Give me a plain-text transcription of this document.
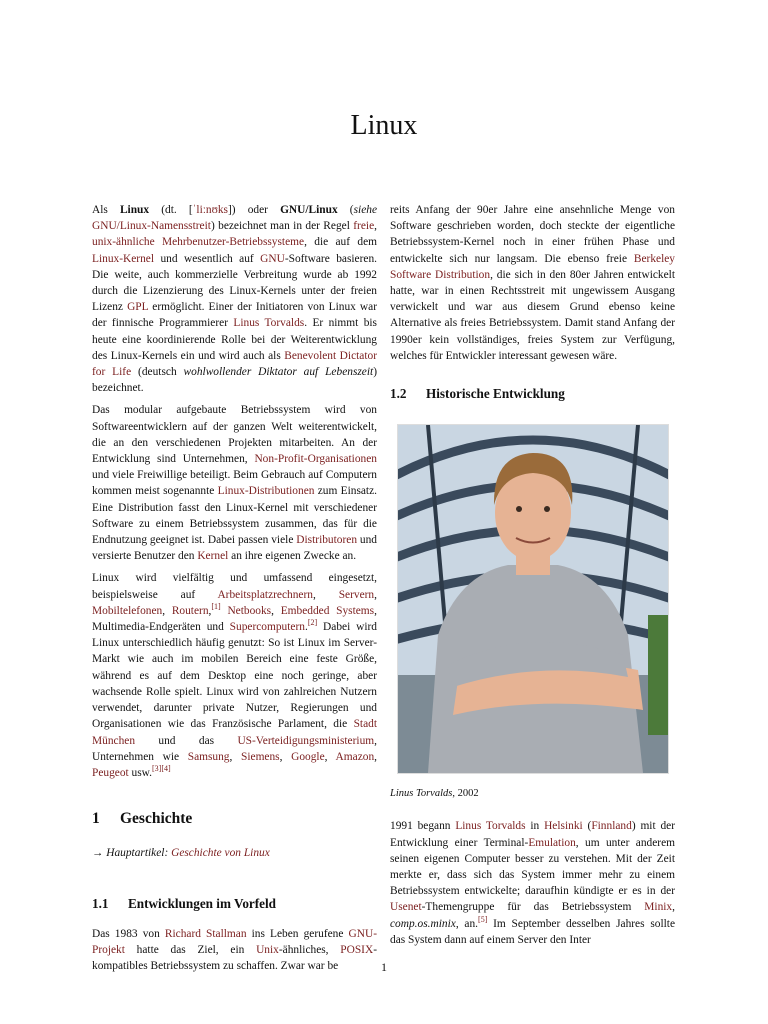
Linux

Als Linux (dt. [ˈliːnʊks]) oder GNU/Linux (siehe GNU/Linux-Namensstreit) bezeichnet man in der Regel freie, unix-ähnliche Mehrbenutzer-Betriebssysteme, die auf dem Linux-Kernel und wesentlich auf GNU-Software basieren. Die weite, auch kommerzielle Verbreitung wurde ab 1992 durch die Lizenzierung des Linux-Kernels unter der freien Lizenz GPL ermöglicht. Einer der Initiatoren von Linux war der finnische Programmierer Linus Torvalds. Er nimmt bis heute eine koordinierende Rolle bei der Weiterentwicklung des Linux-Kernels ein und wird auch als Benevolent Dictator for Life (deutsch wohlwollender Diktator auf Lebenszeit) bezeichnet.

Das modular aufgebaute Betriebssystem wird von Softwareentwicklern auf der ganzen Welt weiterentwickelt, die an den verschiedenen Projekten mitarbeiten. An der Entwicklung sind Unternehmen, Non-Profit-Organisationen und viele Freiwillige beteiligt. Beim Gebrauch auf Computern kommen meist sogenannte Linux-Distributionen zum Einsatz. Eine Distribution fasst den Linux-Kernel mit verschiedener Software zu einem Betriebssystem zusammen, das für die Endnutzung geeignet ist. Dabei passen viele Distributoren und versierte Benutzer den Kernel an ihre eigenen Zwecke an.

Linux wird vielfältig und umfassend eingesetzt, beispielsweise auf Arbeitsplatzrechnern, Servern, Mobiltelefonen, Routern,[1] Netbooks, Embedded Systems, Multimedia-Endgeräten und Supercomputern.[2] Dabei wird Linux unterschiedlich häufig genutzt: So ist Linux im Server-Markt wie auch im mobilen Bereich eine feste Größe, während es auf dem Desktop eine noch geringe, aber wachsende Rolle spielt. Linux wird von zahlreichen Nutzern verwendet, darunter private Nutzer, Regierungen und Organisationen wie das Französische Parlament, die Stadt München und das US-Verteidigungsministerium, Unternehmen wie Samsung, Siemens, Google, Amazon, Peugeot usw.[3][4]

1 Geschichte

→ Hauptartikel: Geschichte von Linux

1.1 Entwicklungen im Vorfeld

Das 1983 von Richard Stallman ins Leben gerufene GNU-Projekt hatte das Ziel, ein Unix-ähnliches, POSIX-kompatibles Betriebssystem zu schaffen. Zwar war be

reits Anfang der 90er Jahre eine ansehnliche Menge von Software geschrieben worden, doch steckte der eigentliche Betriebssystem-Kernel noch in einer frühen Phase und entwickelte sich nur langsam. Die ebenso freie Berkeley Software Distribution, die sich in den 80er Jahren entwickelt hatte, war in einen Rechtsstreit mit ungewissem Ausgang verwickelt und war aus diesem Grund ebenso keine Alternative als freies Betriebssystem. Damit stand Anfang der 1990er kein vollständiges, freies System zur Verfügung, welches für Entwickler interessant gewesen wäre.

1.2 Historische Entwicklung
Linus Torvalds, 2002

1991 begann Linus Torvalds in Helsinki (Finnland) mit der Entwicklung einer Terminal-Emulation, um unter anderem seinen eigenen Computer besser zu verstehen. Mit der Zeit merkte er, dass sich das System immer mehr zu einem Betriebssystem entwickelte; daraufhin kündigte er es in der Usenet-Themengruppe für das Betriebssystem Minix, comp.os.minix, an.[5] Im September desselben Jahres sollte das System dann auf einem Server den Inter

1
